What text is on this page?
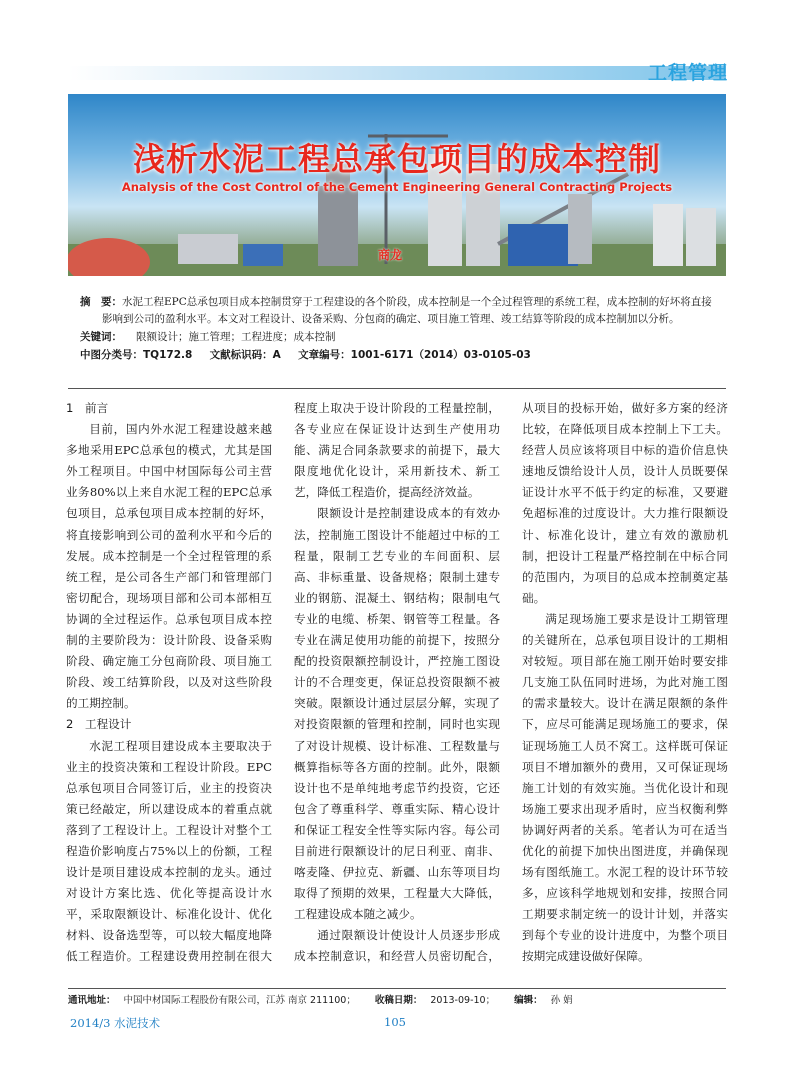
工程管理
浅析水泥工程总承包项目的成本控制
Analysis of the Cost Control of the Cement Engineering General Contracting Projects
商龙

摘　要：水泥工程EPC总承包项目成本控制贯穿于工程建设的各个阶段，成本控制是一个全过程管理的系统工程，成本控制的好坏将直接影响到公司的盈利水平。本文对工程设计、设备采购、分包商的确定、项目施工管理、竣工结算等阶段的成本控制加以分析。

关键词： 限额设计；施工管理；工程进度；成本控制

中图分类号：TQ172.8 文献标识码：A 文章编号：1001-6171（2014）03-0105-03

1　前言

目前，国内外水泥工程建设越来越多地采用EPC总承包的模式，尤其是国外工程项目。中国中材国际每公司主营业务80%以上来自水泥工程的EPC总承包项目，总承包项目成本控制的好坏，将直接影响到公司的盈利水平和今后的发展。成本控制是一个全过程管理的系统工程，是公司各生产部门和管理部门密切配合，现场项目部和公司本部相互协调的全过程运作。总承包项目成本控制的主要阶段为：设计阶段、设备采购阶段、确定施工分包商阶段、项目施工阶段、竣工结算阶段，以及对这些阶段的工期控制。

2　工程设计

水泥工程项目建设成本主要取决于业主的投资决策和工程设计阶段。EPC总承包项目合同签订后，业主的投资决策已经敲定，所以建设成本的着重点就落到了工程设计上。工程设计对整个工程造价影响度占75%以上的份额，工程设计是项目建设成本控制的龙头。通过对设计方案比选、优化等提高设计水平，采取限额设计、标准化设计、优化材料、设备选型等，可以较大幅度地降低工程造价。工程建设费用控制在很大程度上取决于设计阶段的工程量控制，各专业应在保证设计达到生产使用功能、满足合同条款要求的前提下，最大限度地优化设计，采用新技术、新工艺，降低工程造价，提高经济效益。

限额设计是控制建设成本的有效办法，控制施工图设计不能超过中标的工程量，限制工艺专业的车间面积、层高、非标重量、设备规格；限制土建专业的钢筋、混凝土、钢结构；限制电气专业的电缆、桥架、钢管等工程量。各专业在满足使用功能的前提下，按照分配的投资限额控制设计，严控施工图设计的不合理变更，保证总投资限额不被突破。限额设计通过层层分解，实现了对投资限额的管理和控制，同时也实现了对设计规模、设计标准、工程数量与概算指标等各方面的控制。此外，限额设计也不是单纯地考虑节约投资，它还包含了尊重科学、尊重实际、精心设计和保证工程安全性等实际内容。每公司目前进行限额设计的尼日利亚、南非、喀麦隆、伊拉克、新疆、山东等项目均取得了预期的效果，工程量大大降低，工程建设成本随之减少。

通过限额设计使设计人员逐步形成成本控制意识，和经营人员密切配合，从项目的投标开始，做好多方案的经济比较，在降低项目成本控制上下工夫。经营人员应该将项目中标的造价信息快速地反馈给设计人员，设计人员既要保证设计水平不低于约定的标准，又要避免超标准的过度设计。大力推行限额设计、标准化设计，建立有效的激励机制，把设计工程量严格控制在中标合同的范围内，为项目的总成本控制奠定基础。

满足现场施工要求是设计工期管理的关键所在，总承包项目设计的工期相对较短。项目部在施工刚开始时要安排几支施工队伍同时进场，为此对施工图的需求量较大。设计在满足限额的条件下，应尽可能满足现场施工的要求，保证现场施工人员不窝工。这样既可保证项目不增加额外的费用，又可保证现场施工计划的有效实施。当优化设计和现场施工要求出现矛盾时，应当权衡利弊协调好两者的关系。笔者认为可在适当优化的前提下加快出图进度，并确保现场有图纸施工。水泥工程的设计环节较多，应该科学地规划和安排，按照合同工期要求制定统一的设计计划，并落实到每个专业的设计进度中，为整个项目按期完成建设做好保障。

通讯地址： 中国中材国际工程股份有限公司，江苏 南京 211100； 收稿日期： 2013-09-10； 编辑： 孙 娟
2014/3 水泥技术	105
